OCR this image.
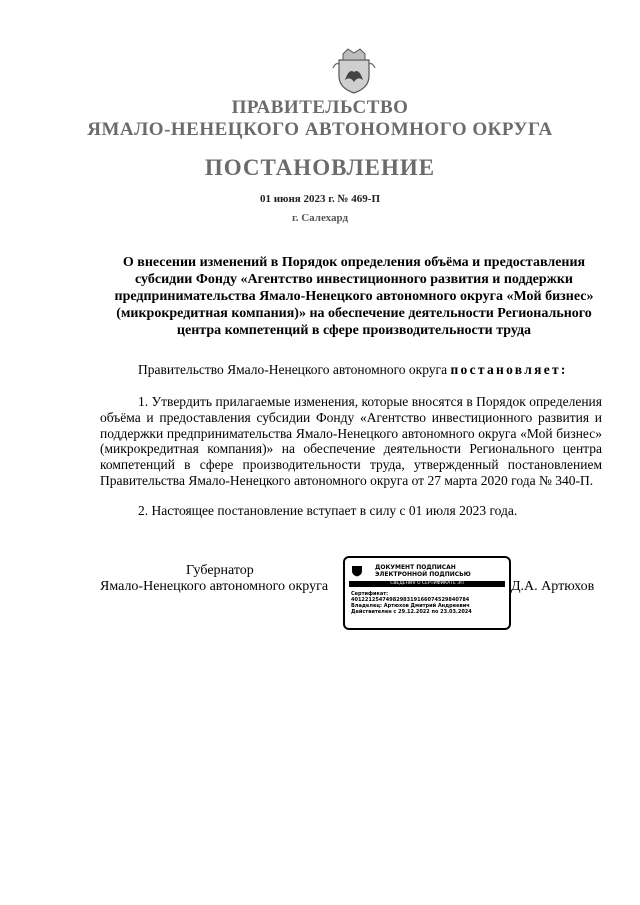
ПРАВИТЕЛЬСТВО
ЯМАЛО-НЕНЕЦКОГО АВТОНОМНОГО ОКРУГА
ПОСТАНОВЛЕНИЕ
01 июня 2023 г. № 469-П
г. Салехард
О внесении изменений в Порядок определения объёма и предоставления субсидии Фонду «Агентство инвестиционного развития и поддержки предпринимательства Ямало-Ненецкого автономного округа «Мой бизнес» (микрокредитная компания)» на обеспечение деятельности Регионального центра компетенций в сфере производительности труда
Правительство Ямало-Ненецкого автономного округа постановляет:
1. Утвердить прилагаемые изменения, которые вносятся в Порядок определения объёма и предоставления субсидии Фонду «Агентство инвестиционного развития и поддержки предпринимательства Ямало-Ненецкого автономного округа «Мой бизнес» (микрокредитная компания)» на обеспечение деятельности Регионального центра компетенций в сфере производительности труда, утвержденный постановлением Правительства Ямало-Ненецкого автономного округа от 27 марта 2020 года № 340-П.
2. Настоящее постановление вступает в силу с 01 июля 2023 года.
Губернатор
Ямало-Ненецкого автономного округа	Д.А. Артюхов
ДОКУМЕНТ ПОДПИСАН
ЭЛЕКТРОННОЙ ПОДПИСЬЮ
СВЕДЕНИЯ О СЕРТИФИКАТЕ ЭП
Сертификат:
4012212547498298319166074529840784
Владелец: Артюхов Дмитрий Андреевич
Действителен с 29.12.2022 по 23.03.2024
